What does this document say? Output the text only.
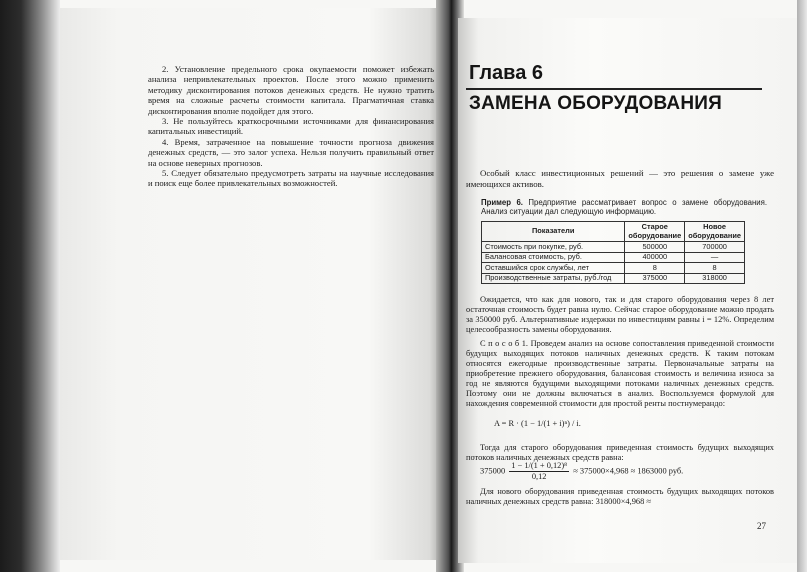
2. Установление предельного срока окупаемости поможет избежать анализа непривлекательных проектов. После этого можно применить методику дисконтирования потоков денежных средств. Не нужно тратить время на сложные расчеты стоимости капитала. Прагматичная ставка дисконтирования вполне подойдет для этого.

3. Не пользуйтесь краткосрочными источниками для финансирования капитальных инвестиций.

4. Время, затраченное на повышение точности прогноза движения денежных средств, — это залог успеха. Нельзя получить правильный ответ на основе неверных прогнозов.

5. Следует обязательно предусмотреть затраты на научные исследования и поиск еще более привлекательных возможностей.

Глава 6
ЗАМЕНА ОБОРУДОВАНИЯ

Особый класс инвестиционных решений — это решения о замене уже имеющихся активов.

Пример 6. Предприятие рассматривает вопрос о замене оборудования. Анализ ситуации дал следующую информацию.

Показатели	Старое оборудование	Новое оборудование
Стоимость при покупке, руб.	500000	700000
Балансовая стоимость, руб.	400000	—
Оставшийся срок службы, лет	8	8
Производственные затраты, руб./год	375000	318000

Ожидается, что как для нового, так и для старого оборудования через 8 лет остаточная стоимость будет равна нулю. Сейчас старое оборудование можно продать за 350000 руб. Альтернативные издержки по инвестициям равны i = 12%. Определим целесообразность замены оборудования.

С п о с о б 1. Проведем анализ на основе сопоставления приведенной стоимости будущих выходящих потоков наличных денежных средств. К таким потокам относятся ежегодные производственные затраты. Первоначальные затраты на приобретение прежнего оборудования, балансовая стоимость и величина износа за год не являются будущими выходящими потоками наличных денежных средств. Поэтому они не должны включаться в анализ. Воспользуемся формулой для нахождения современной стоимости для простой ренты постнумерандо:

A = R · (1 − 1/(1 + i)ⁿ) / i.

Тогда для старого оборудования приведенная стоимость будущих выходящих потоков наличных денежных средств равна:

$375000 \frac{\text{1 − 1/(1 + 0,12)⁸}}{0,12} \approx 375000\times 4,968 \approx 1863000$ руб.

Для нового оборудования приведенная стоимость будущих выходящих потоков наличных денежных средств равна: 318000×4,968 ≈

27
